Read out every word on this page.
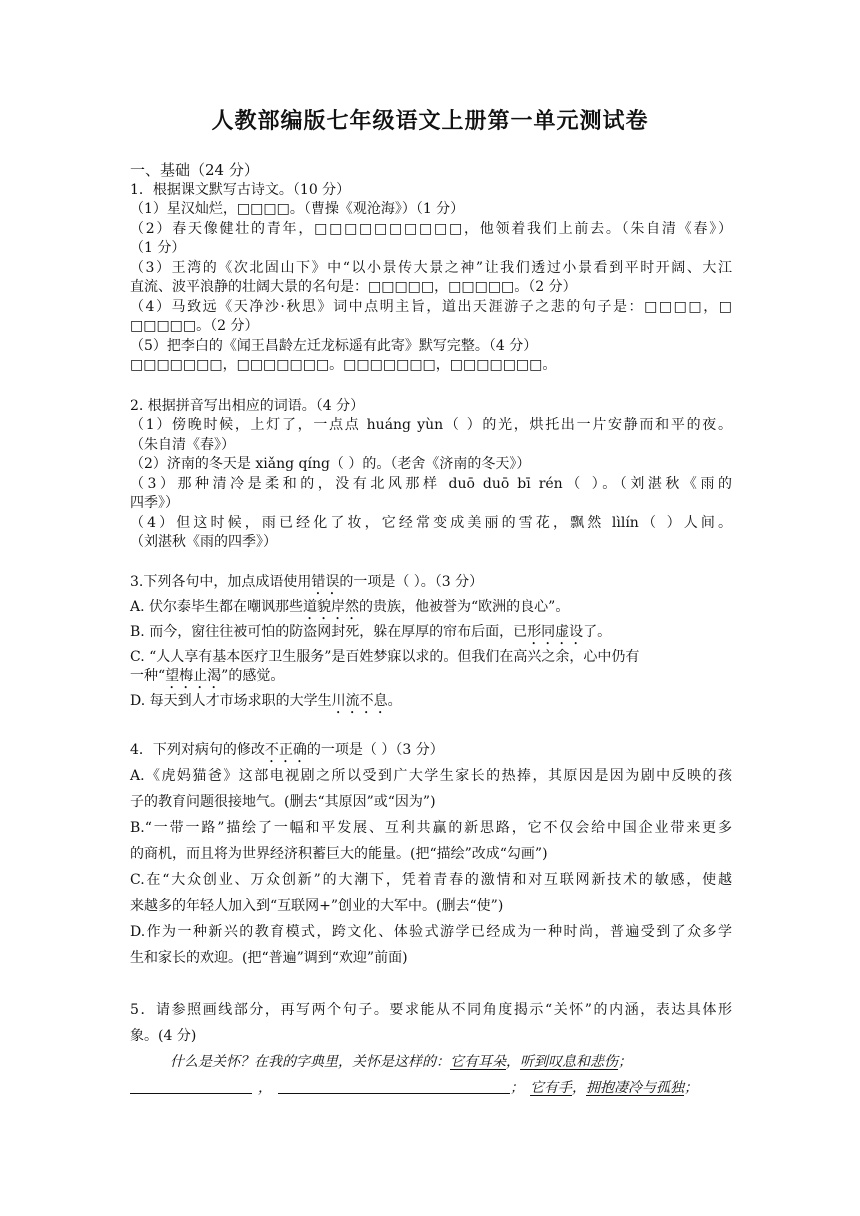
人教部编版七年级语文上册第一单元测试卷
一、基础（24 分）
1．根据课文默写古诗文。（10 分）
（1）星汉灿烂，□□□□。（曹操《观沧海》）（1 分）
（2）春天像健壮的青年，□□□□□□□□□□，他领着我们上前去。（朱自清《春》）
（1 分）
（3）王湾的《次北固山下》中“以小景传大景之神”让我们透过小景看到平时开阔、大江
直流、波平浪静的壮阔大景的名句是：□□□□□，□□□□□。（2 分）
（4）马致远《天净沙·秋思》词中点明主旨，道出天涯游子之悲的句子是：□□□□，□
□□□□□。（2 分）
（5）把李白的《闻王昌龄左迁龙标遥有此寄》默写完整。（4 分）
□□□□□□□，□□□□□□□。□□□□□□□，□□□□□□□。
2. 根据拼音写出相应的词语。（4 分）
（1）傍晚时候，上灯了，一点点 huáng yùn（ ）的光，烘托出一片安静而和平的夜。
（朱自清《春》）
（2）济南的冬天是 xiǎng qíng（ ）的。（老舍《济南的冬天》）
（3）那种清冷是柔和的，没有北风那样 duō duō bī rén（ ）。（刘湛秋《雨的
四季》）
（4）但这时候，雨已经化了妆，它经常变成美丽的雪花，飘然 lìlín（ ）人间。
（刘湛秋《雨的四季》）
3.下列各句中，加点成语使用错误的一项是（ ）。（3 分）
A. 伏尔泰毕生都在嘲讽那些道貌岸然的贵族，他被誉为“欧洲的良心”。
B. 而今，窗往往被可怕的防盗网封死，躲在厚厚的帘布后面，已形同虚设了。
C. “人人享有基本医疗卫生服务”是百姓梦寐以求的。但我们在高兴之余，心中仍有
一种“望梅止渴”的感觉。
D. 每天到人才市场求职的大学生川流不息。
4．下列对病句的修改不正确的一项是（ ）（3 分）
A.《虎妈猫爸》这部电视剧之所以受到广大学生家长的热捧，其原因是因为剧中反映的孩
子的教育问题很接地气。(删去“其原因”或“因为”)
B.“一带一路”描绘了一幅和平发展、互利共赢的新思路，它不仅会给中国企业带来更多
的商机，而且将为世界经济积蓄巨大的能量。(把“描绘”改成“勾画”)
C.在“大众创业、万众创新”的大潮下，凭着青春的激情和对互联网新技术的敏感，使越
来越多的年轻人加入到“互联网+”创业的大军中。(删去“使”)
D.作为一种新兴的教育模式，跨文化、体验式游学已经成为一种时尚，普遍受到了众多学
生和家长的欢迎。(把“普遍”调到“欢迎”前面)
5．请参照画线部分，再写两个句子。要求能从不同角度揭示“关怀”的内涵，表达具体形
象。(4 分)
什么是关怀？在我的字典里，关怀是这样的：它有耳朵，听到叹息和悲伤；
，	； 它有手，拥抱凄冷与孤独；
